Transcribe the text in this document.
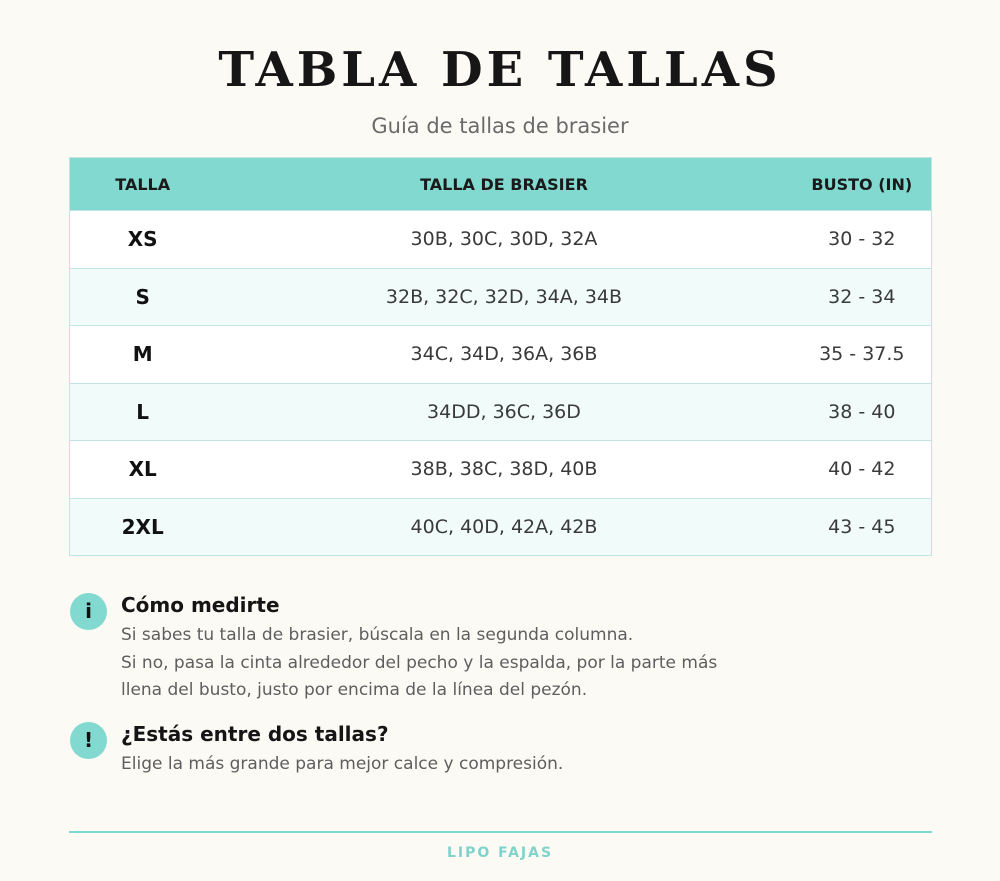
TABLA DE TALLAS
Guía de tallas de brasier
TALLA	TALLA DE BRASIER	BUSTO (IN)
XS	30B, 30C, 30D, 32A	30 - 32
S	32B, 32C, 32D, 34A, 34B	32 - 34
M	34C, 34D, 36A, 36B	35 - 37.5
L	34DD, 36C, 36D	38 - 40
XL	38B, 38C, 38D, 40B	40 - 42
2XL	40C, 40D, 42A, 42B	43 - 45
i	Cómo medirte
Si sabes tu talla de brasier, búscala en la segunda columna.
Si no, pasa la cinta alrededor del pecho y la espalda, por la parte más
llena del busto, justo por encima de la línea del pezón.
!	¿Estás entre dos tallas?
Elige la más grande para mejor calce y compresión.
LIPO FAJAS
